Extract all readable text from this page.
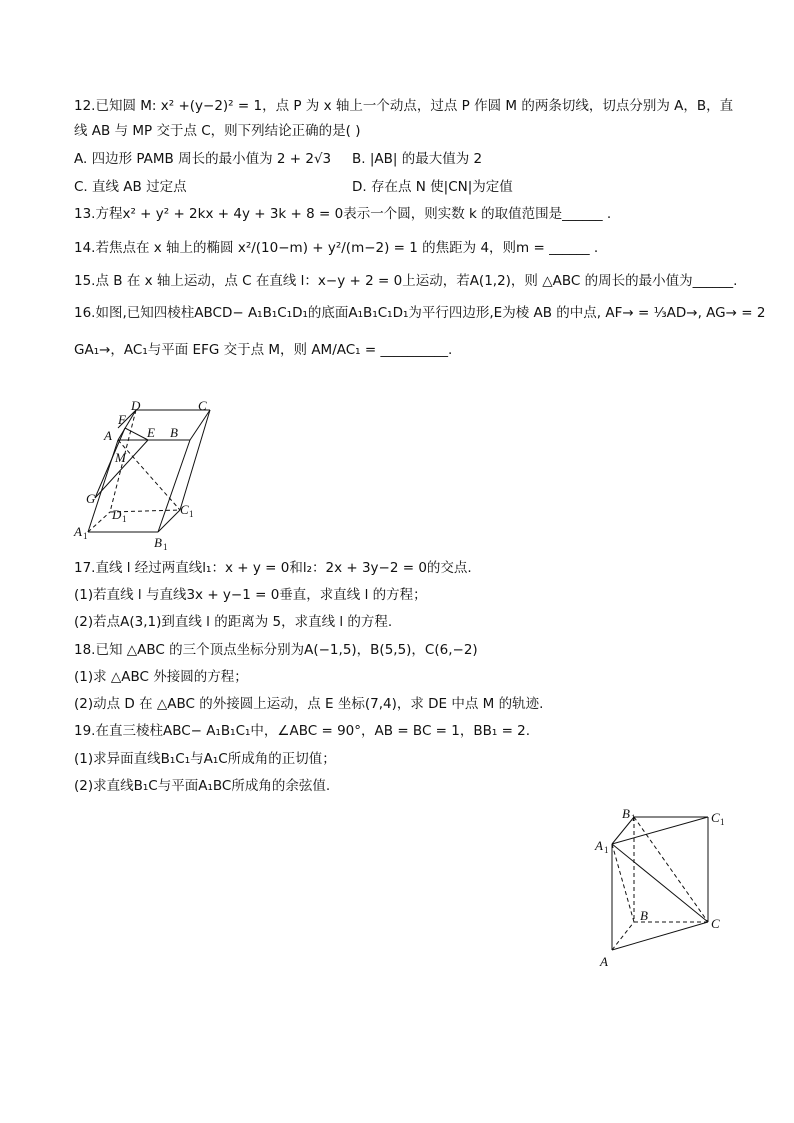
12.已知圆 M: x² +(y−2)² = 1，点 P 为 x 轴上一个动点，过点 P 作圆 M 的两条切线，切点分别为 A，B，直
线 AB 与 MP 交于点 C，则下列结论正确的是( )
A. 四边形 PAMB 周长的最小值为 2 + 2√3 B. |AB| 的最大值为 2
C. 直线 AB 过定点	D. 存在点 N 使|CN|为定值
13.方程x² + y² + 2kx + 4y + 3k + 8 = 0表示一个圆，则实数 k 的取值范围是______ .
14.若焦点在 x 轴上的椭圆 x²/(10−m) + y²/(m−2) = 1 的焦距为 4，则m = ______ .
15.点 B 在 x 轴上运动，点 C 在直线 l：x−y + 2 = 0上运动，若A(1,2)，则 △ABC 的周长的最小值为______.
16.如图,已知四棱柱ABCD− A₁B₁C₁D₁的底面A₁B₁C₁D₁为平行四边形,E为棱 AB 的中点, AF→ = ⅓AD→, AG→ = 2
GA₁→，AC₁与平面 EFG 交于点 M，则 AM/AC₁ = __________.
D	C
F
A	E B
M
G
D 1
C 1
A 1	B 1
17.直线 l 经过两直线l₁：x + y = 0和l₂：2x + 3y−2 = 0的交点.
(1)若直线 l 与直线3x + y−1 = 0垂直，求直线 l 的方程；
(2)若点A(3,1)到直线 l 的距离为 5，求直线 l 的方程.
18.已知 △ABC 的三个顶点坐标分别为A(−1,5)，B(5,5)，C(6,−2)
(1)求 △ABC 外接圆的方程；
(2)动点 D 在 △ABC 的外接圆上运动，点 E 坐标(7,4)，求 DE 中点 M 的轨迹.
19.在直三棱柱ABC− A₁B₁C₁中，∠ABC = 90°，AB = BC = 1，BB₁ = 2.
(1)求异面直线B₁C₁与A₁C所成角的正切值；
(2)求直线B₁C与平面A₁BC所成角的余弦值.
B 1	C 1
A 1
B
C
A
